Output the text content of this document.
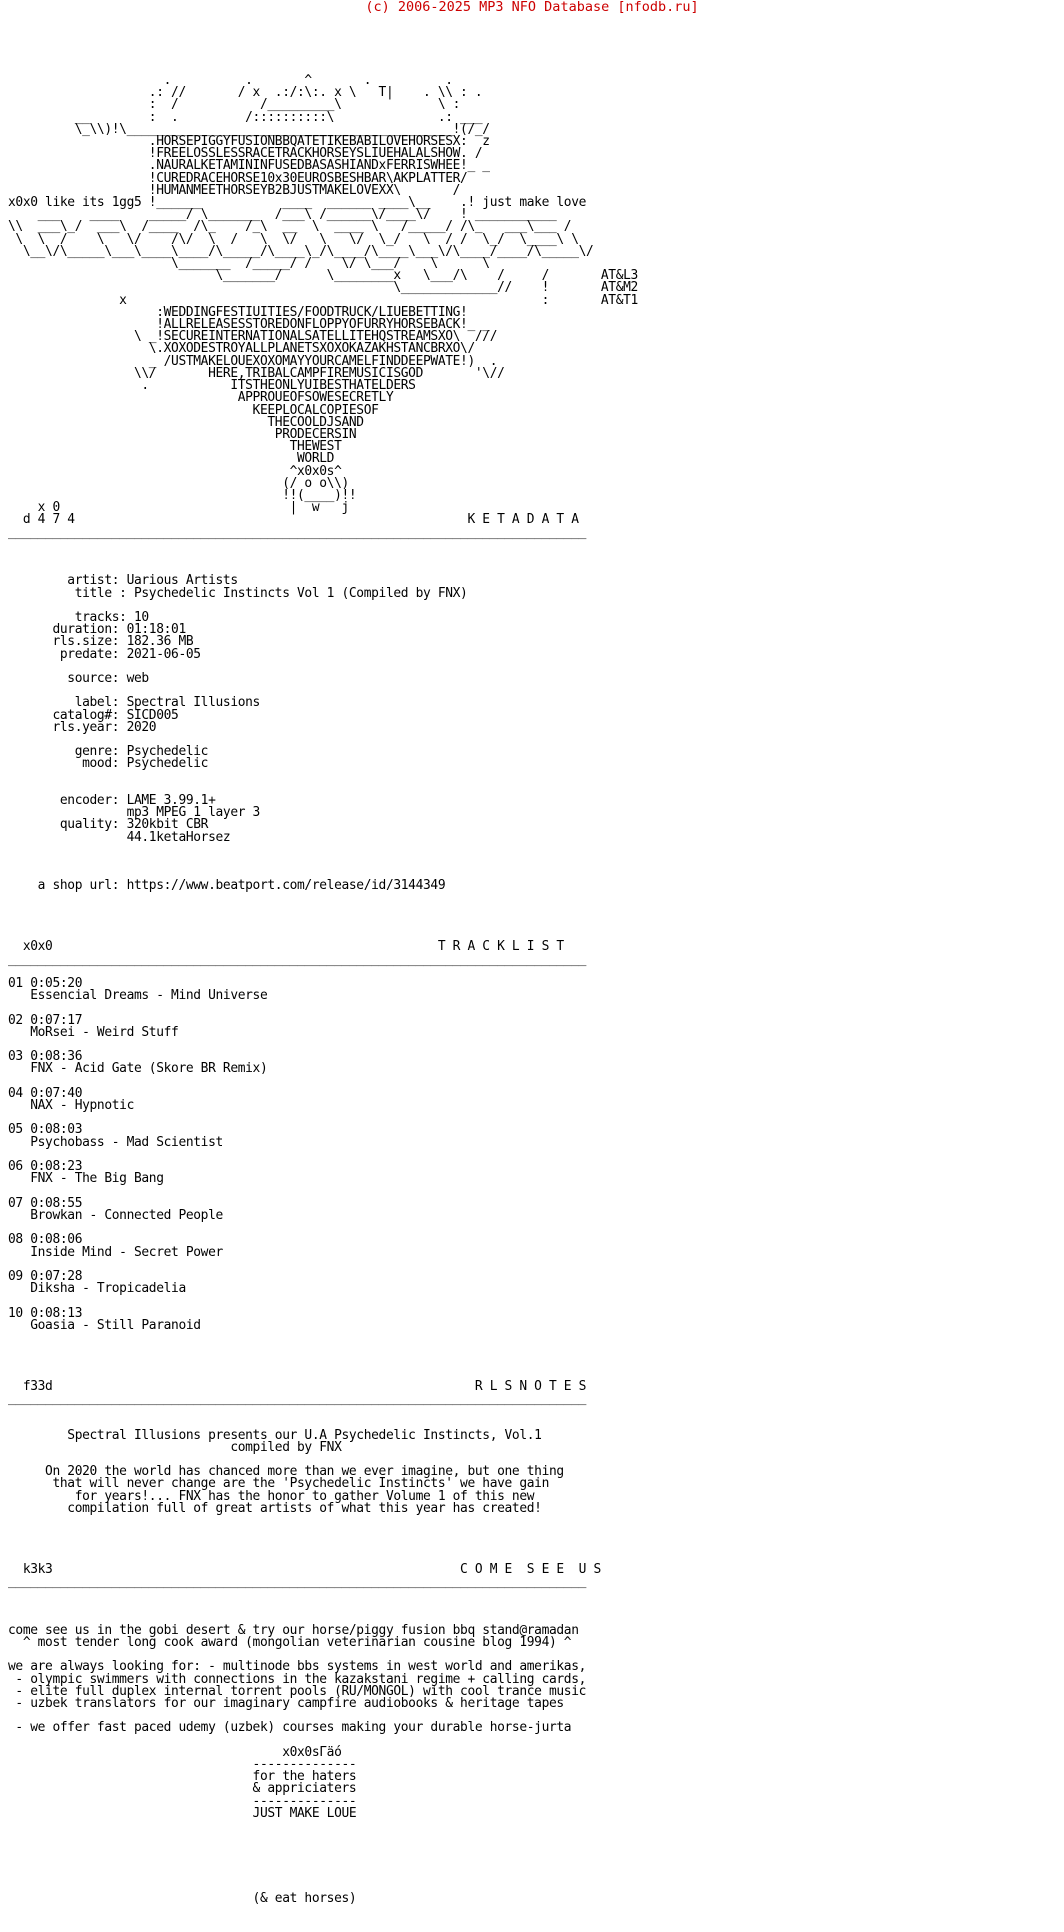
(c) 2006-2025 MP3 NFO Database [nfodb.ru]

.          .       ^       .          .
.: //       / x  .:/:\:. x \   T|    . \\ : .
:  /           /_________\             \ :
__        :  .         /::::::::::\              .: ___
\_\\)!\____________________________________________!(/_/
.HORSEPIGGYFUSIONBBQATETIKEBABILOVEHORSESX:  z
!FREELOSSLESSRACETRACKHORSEYSLIUEHALALSHOW. /
.NAURALKETAMININFUSEDBASASHIANDxFERRISWHEE!_ _
!CUREDRACEHORSE10x30EUROSBESHBAR\AKPLATTER/
!HUMANMEETHORSEYB2BJUSTMAKELOVEXX\       /
x0x0 like its 1gg5 !______           ____  ______ ____\__    .! just make love
___    ____    _____/ \_______  /___\ /______\/____\/    ! ___________
\\  ___\_/  ___\  /____  /\_    /_\  __  \  ____ \   /_____/ /\_   ___\___ /
\  \  /    \   \/    /\/  \  /   \  \/   \   \/  \_/   \  / /  \_/  \____\ \
\__\/\_____\___\____\____/\_____/\____\_/\____/\____\___\/\____/____/\_____\/
\_______  /_____/ /    \/ \___/    \      \
\_______/      \________x   \___/\    /     /       AT&L3
\_____________//    !       AT&M2
x                                                        :       AT&T1
:WEDDINGFESTIUITIES/FOODTRUCK/LIUEBETTING!
!ALLRELEASESSTOREDONFLOPPYOFURRYHORSEBACK!_ _
\ _!SECUREINTERNATIONALSATELLITEHQSTREAMSXO\  ///
\.XOXODESTROYALLPLANETSXOXOKAZAKHSTANCBRXO\/
_ /USTMAKELOUEXOXOMAYYOURCAMELFINDDEEPWATE!)  .
\\/       HERE,TRIBALCAMPFIREMUSICISGOD       '\//
.           ITSTHEONLYUIBESTHATELDERS
APPROUEOFSOWESECRETLY
KEEPLOCALCOPIESOF
THECOOLDJSAND
PRODECERSIN
THEWEST
WORLD
^x0x0s^
(/ o o\\)
!!(____)!!
x 0                               |  w   j
d 4 7 4                                                     K E T A D A T A
______________________________________________________________________________

artist: Uarious Artists
title : Psychedelic Instincts Vol 1 (Compiled by FNX)

tracks: 10
duration: 01:18:01
rls.size: 182.36 MB
predate: 2021-06-05

source: web

label: Spectral Illusions
catalog#: SICD005
rls.year: 2020

genre: Psychedelic
mood: Psychedelic

encoder: LAME 3.99.1+
mp3 MPEG 1 layer 3
quality: 320kbit CBR
44.1ketaHorsez

a shop url: https://www.beatport.com/release/id/3144349

x0x0                                                    T R A C K L I S T
______________________________________________________________________________

01 0:05:20
Essencial Dreams - Mind Universe

02 0:07:17
MoRsei - Weird Stuff

03 0:08:36
FNX - Acid Gate (Skore BR Remix)

04 0:07:40
NAX - Hypnotic

05 0:08:03
Psychobass - Mad Scientist

06 0:08:23
FNX - The Big Bang

07 0:08:55
Browkan - Connected People

08 0:08:06
Inside Mind - Secret Power

09 0:07:28
Diksha - Tropicadelia

10 0:08:13
Goasia - Still Paranoid

f33d                                                         R L S N O T E S
______________________________________________________________________________

Spectral Illusions presents our U.A Psychedelic Instincts, Vol.1
compiled by FNX

On 2020 the world has chanced more than we ever imagine, but one thing
that will never change are the 'Psychedelic Instincts' we have gain
for years!... FNX has the honor to gather Volume 1 of this new
compilation full of great artists of what this year has created!

k3k3                                                       C O M E  S E E  U S
______________________________________________________________________________

come see us in the gobi desert & try our horse/piggy fusion bbq stand@ramadan
^ most tender long cook award (mongolian veterinarian cousine blog 1994) ^

we are always looking for: - multinode bbs systems in west world and amerikas,
- olympic swimmers with connections in the kazakstani regime + calling cards,
- elite full duplex internal torrent pools (RU/MONGOL) with cool trance music
- uzbek translators for our imaginary campfire audiobooks & heritage tapes

- we offer fast paced udemy (uzbek) courses making your durable horse-jurta

x0x0sГäó
--------------
for the haters
& appriciaters
--------------
JUST MAKE LOUE

(& eat horses)
